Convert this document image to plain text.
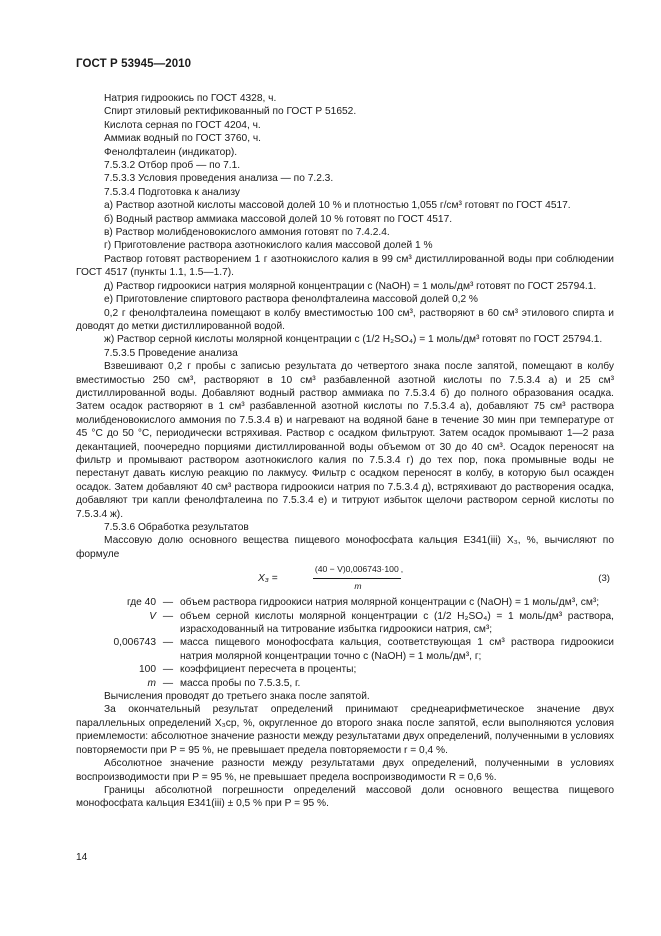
ГОСТ Р 53945—2010

Натрия гидроокись по ГОСТ 4328, ч.

Спирт этиловый ректификованный по ГОСТ Р 51652.

Кислота серная по ГОСТ 4204, ч.

Аммиак водный по ГОСТ 3760, ч.

Фенолфталеин (индикатор).

7.5.3.2 Отбор проб — по 7.1.

7.5.3.3 Условия проведения анализа — по 7.2.3.

7.5.3.4 Подготовка к анализу

а) Раствор азотной кислоты массовой долей 10 % и плотностью 1,055 г/см³ готовят по ГОСТ 4517.

б) Водный раствор аммиака массовой долей 10 % готовят по ГОСТ 4517.

в) Раствор молибденовокислого аммония готовят по 7.4.2.4.

г) Приготовление раствора азотнокислого калия массовой долей 1 %

Раствор готовят растворением 1 г азотнокислого калия в 99 см³ дистиллированной воды при соблюдении ГОСТ 4517 (пункты 1.1, 1.5—1.7).

д) Раствор гидроокиси натрия молярной концентрации c (NaOH) = 1 моль/дм³ готовят по ГОСТ 25794.1.

е) Приготовление спиртового раствора фенолфталеина массовой долей 0,2 %

0,2 г фенолфталеина помещают в колбу вместимостью 100 см³, растворяют в 60 см³ этилового спирта и доводят до метки дистиллированной водой.

ж) Раствор серной кислоты молярной концентрации c (1/2 H₂SO₄) = 1 моль/дм³ готовят по ГОСТ 25794.1.

7.5.3.5 Проведение анализа

Взвешивают 0,2 г пробы с записью результата до четвертого знака после запятой, помещают в колбу вместимостью 250 см³, растворяют в 10 см³ разбавленной азотной кислоты по 7.5.3.4 а) и 25 см³ дистиллированной воды. Добавляют водный раствор аммиака по 7.5.3.4 б) до полного образования осадка. Затем осадок растворяют в 1 см³ разбавленной азотной кислоты по 7.5.3.4 а), добавляют 75 см³ раствора молибденовокислого аммония по 7.5.3.4 в) и нагревают на водяной бане в течение 30 мин при температуре от 45 °С до 50 °С, периодически встряхивая. Раствор с осадком фильтруют. Затем осадок промывают 1—2 раза декантацией, поочередно порциями дистиллированной воды объемом от 30 до 40 см³. Осадок переносят на фильтр и промывают раствором азотнокислого калия по 7.5.3.4 г) до тех пор, пока промывные воды не перестанут давать кислую реакцию по лакмусу. Фильтр с осадком переносят в колбу, в которую был осажден осадок. Затем добавляют 40 см³ раствора гидроокиси натрия по 7.5.3.4 д), встряхивают до растворения осадка, добавляют три капли фенолфталеина по 7.5.3.4 е) и титруют избыток щелочи раствором серной кислоты по 7.5.3.4 ж).

7.5.3.6 Обработка результатов

Массовую долю основного вещества пищевого монофосфата кальция Е341(iii) X₃, %, вычисляют по формуле

X₃ =
(40 − V)0,006743·100 ,
m
(3)
где 40 — объем раствора гидроокиси натрия молярной концентрации c (NaOH) = 1 моль/дм³, см³;
V — объем серной кислоты молярной концентрации c (1/2 H₂SO₄) = 1 моль/дм³ раствора, израсходованный на титрование избытка гидроокиси натрия, см³;
0,006743 — масса пищевого монофосфата кальция, соответствующая 1 см³ раствора гидроокиси натрия молярной концентрации точно c (NaOH) = 1 моль/дм³, г;
100 — коэффициент пересчета в проценты;
m — масса пробы по 7.5.3.5, г.

Вычисления проводят до третьего знака после запятой.

За окончательный результат определений принимают среднеарифметическое значение двух параллельных определений X₃ср, %, округленное до второго знака после запятой, если выполняются условия приемлемости: абсолютное значение разности между результатами двух определений, полученными в условиях повторяемости при P = 95 %, не превышает предела повторяемости r = 0,4 %.

Абсолютное значение разности между результатами двух определений, полученными в условиях воспроизводимости при P = 95 %, не превышает предела воспроизводимости R = 0,6 %.

Границы абсолютной погрешности определений массовой доли основного вещества пищевого монофосфата кальция Е341(iii) ± 0,5 % при P = 95 %.

14
